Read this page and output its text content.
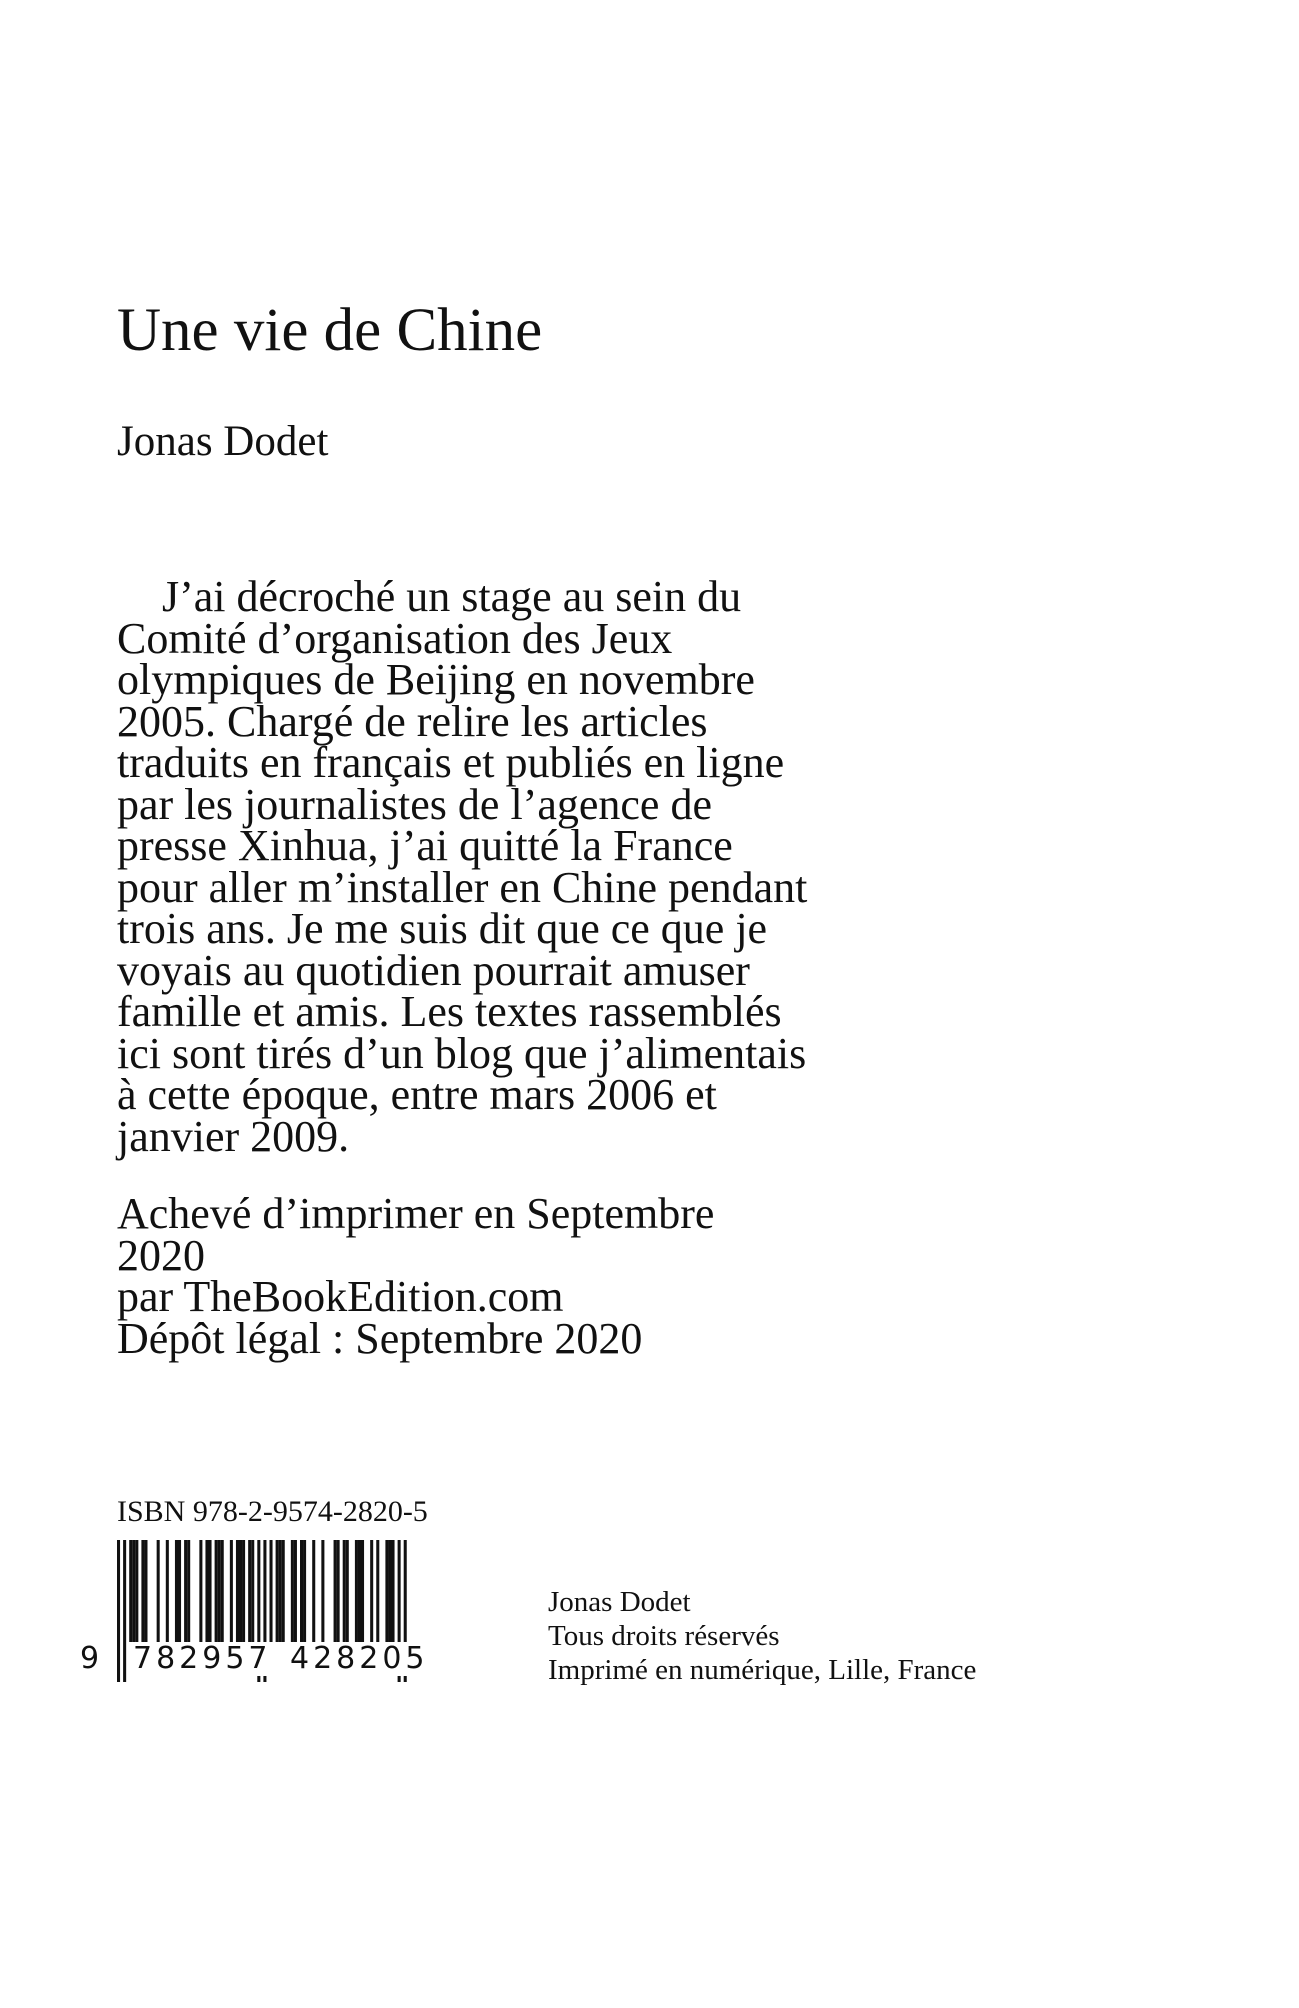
Une vie de Chine
Jonas Dodet
J’ai décroché un stage au sein du
Comité d’organisation des Jeux
olympiques de Beijing en novembre
2005. Chargé de relire les articles
traduits en français et publiés en ligne
par les journalistes de l’agence de
presse Xinhua, j’ai quitté la France
pour aller m’installer en Chine pendant
trois ans. Je me suis dit que ce que je
voyais au quotidien pourrait amuser
famille et amis. Les textes rassemblés
ici sont tirés d’un blog que j’alimentais
à cette époque, entre mars 2006 et
janvier 2009.
Achevé d’imprimer en Septembre
2020
par TheBookEdition.com
Dépôt légal : Septembre 2020
ISBN 978-2-9574-2820-5
9 782957 428205
Jonas Dodet
Tous droits réservés
Imprimé en numérique, Lille, France
